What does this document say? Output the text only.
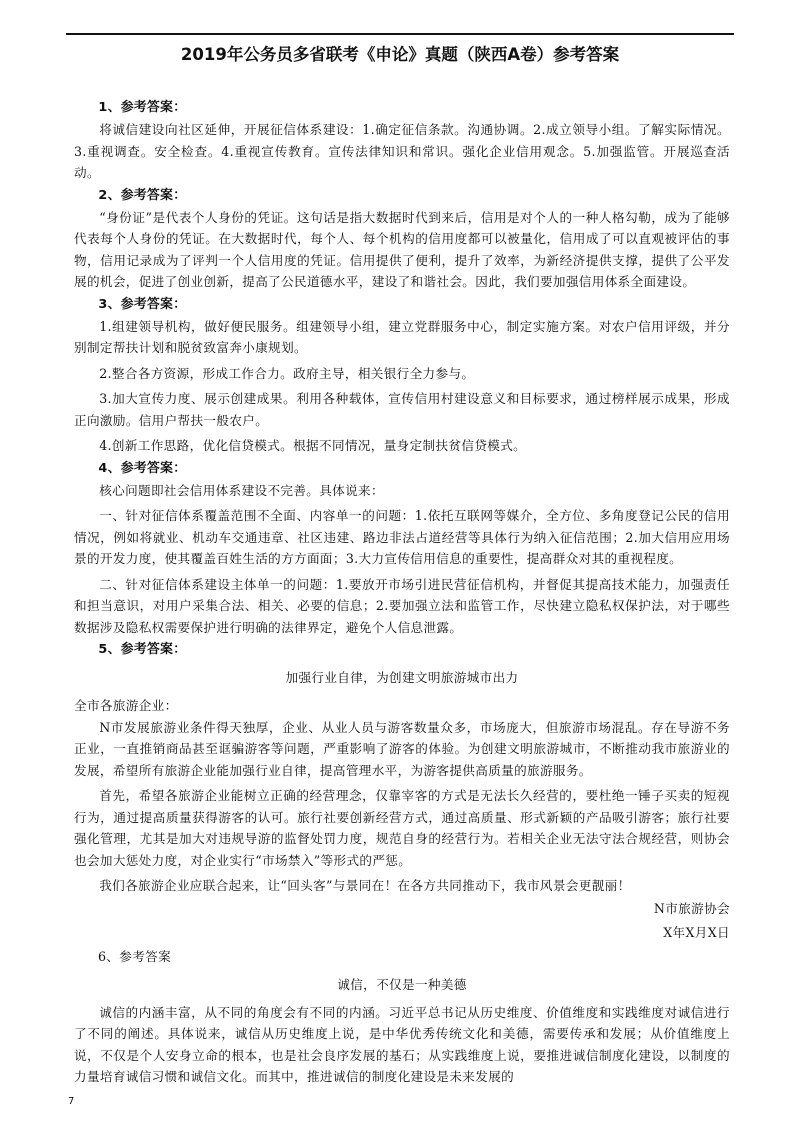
2019年公务员多省联考《申论》真题（陕西A卷）参考答案

1、参考答案：

将诚信建设向社区延伸，开展征信体系建设：1.确定征信条款。沟通协调。2.成立领导小组。了解实际情况。3.重视调查。安全检查。4.重视宣传教育。宣传法律知识和常识。强化企业信用观念。5.加强监管。开展巡查活动。

2、参考答案：

“身份证”是代表个人身份的凭证。这句话是指大数据时代到来后，信用是对个人的一种人格勾勒，成为了能够代表每个人身份的凭证。在大数据时代，每个人、每个机构的信用度都可以被量化，信用成了可以直观被评估的事物，信用记录成为了评判一个人信用度的凭证。信用提供了便利，提升了效率，为新经济提供支撑，提供了公平发展的机会，促进了创业创新，提高了公民道德水平，建设了和谐社会。因此，我们要加强信用体系全面建设。

3、参考答案：

1.组建领导机构，做好便民服务。组建领导小组，建立党群服务中心，制定实施方案。对农户信用评级，并分别制定帮扶计划和脱贫致富奔小康规划。

2.整合各方资源，形成工作合力。政府主导，相关银行全力参与。

3.加大宣传力度、展示创建成果。利用各种载体，宣传信用村建设意义和目标要求，通过榜样展示成果，形成正向激励。信用户帮扶一般农户。

4.创新工作思路，优化信贷模式。根据不同情况，量身定制扶贫信贷模式。

4、参考答案：

核心问题即社会信用体系建设不完善。具体说来：

一、针对征信体系覆盖范围不全面、内容单一的问题：1.依托互联网等媒介，全方位、多角度登记公民的信用情况，例如将就业、机动车交通违章、社区违建、路边非法占道经营等具体行为纳入征信范围；2.加大信用应用场景的开发力度，使其覆盖百姓生活的方方面面；3.大力宣传信用信息的重要性，提高群众对其的重视程度。

二、针对征信体系建设主体单一的问题：1.要放开市场引进民营征信机构，并督促其提高技术能力，加强责任和担当意识，对用户采集合法、相关、必要的信息；2.要加强立法和监管工作，尽快建立隐私权保护法，对于哪些数据涉及隐私权需要保护进行明确的法律界定，避免个人信息泄露。

5、参考答案：

加强行业自律，为创建文明旅游城市出力

全市各旅游企业：

N市发展旅游业条件得天独厚，企业、从业人员与游客数量众多，市场庞大，但旅游市场混乱。存在导游不务正业，一直推销商品甚至诓骗游客等问题，严重影响了游客的体验。为创建文明旅游城市，不断推动我市旅游业的发展，希望所有旅游企业能加强行业自律，提高管理水平，为游客提供高质量的旅游服务。

首先，希望各旅游企业能树立正确的经营理念，仅靠宰客的方式是无法长久经营的，要杜绝一锤子买卖的短视行为，通过提高质量获得游客的认可。旅行社要创新经营方式，通过高质量、形式新颖的产品吸引游客；旅行社要强化管理，尤其是加大对违规导游的监督处罚力度，规范自身的经营行为。若相关企业无法守法合规经营，则协会也会加大惩处力度，对企业实行“市场禁入”等形式的严惩。

我们各旅游企业应联合起来，让“回头客”与景同在！在各方共同推动下，我市风景会更靓丽！

N市旅游协会

X年X月X日

6、参考答案

诚信，不仅是一种美德

诚信的内涵丰富，从不同的角度会有不同的内涵。习近平总书记从历史维度、价值维度和实践维度对诚信进行了不同的阐述。具体说来，诚信从历史维度上说，是中华优秀传统文化和美德，需要传承和发展；从价值维度上说，不仅是个人安身立命的根本，也是社会良序发展的基石；从实践维度上说，要推进诚信制度化建设，以制度的力量培育诚信习惯和诚信文化。而其中，推进诚信的制度化建设是未来发展的

7
